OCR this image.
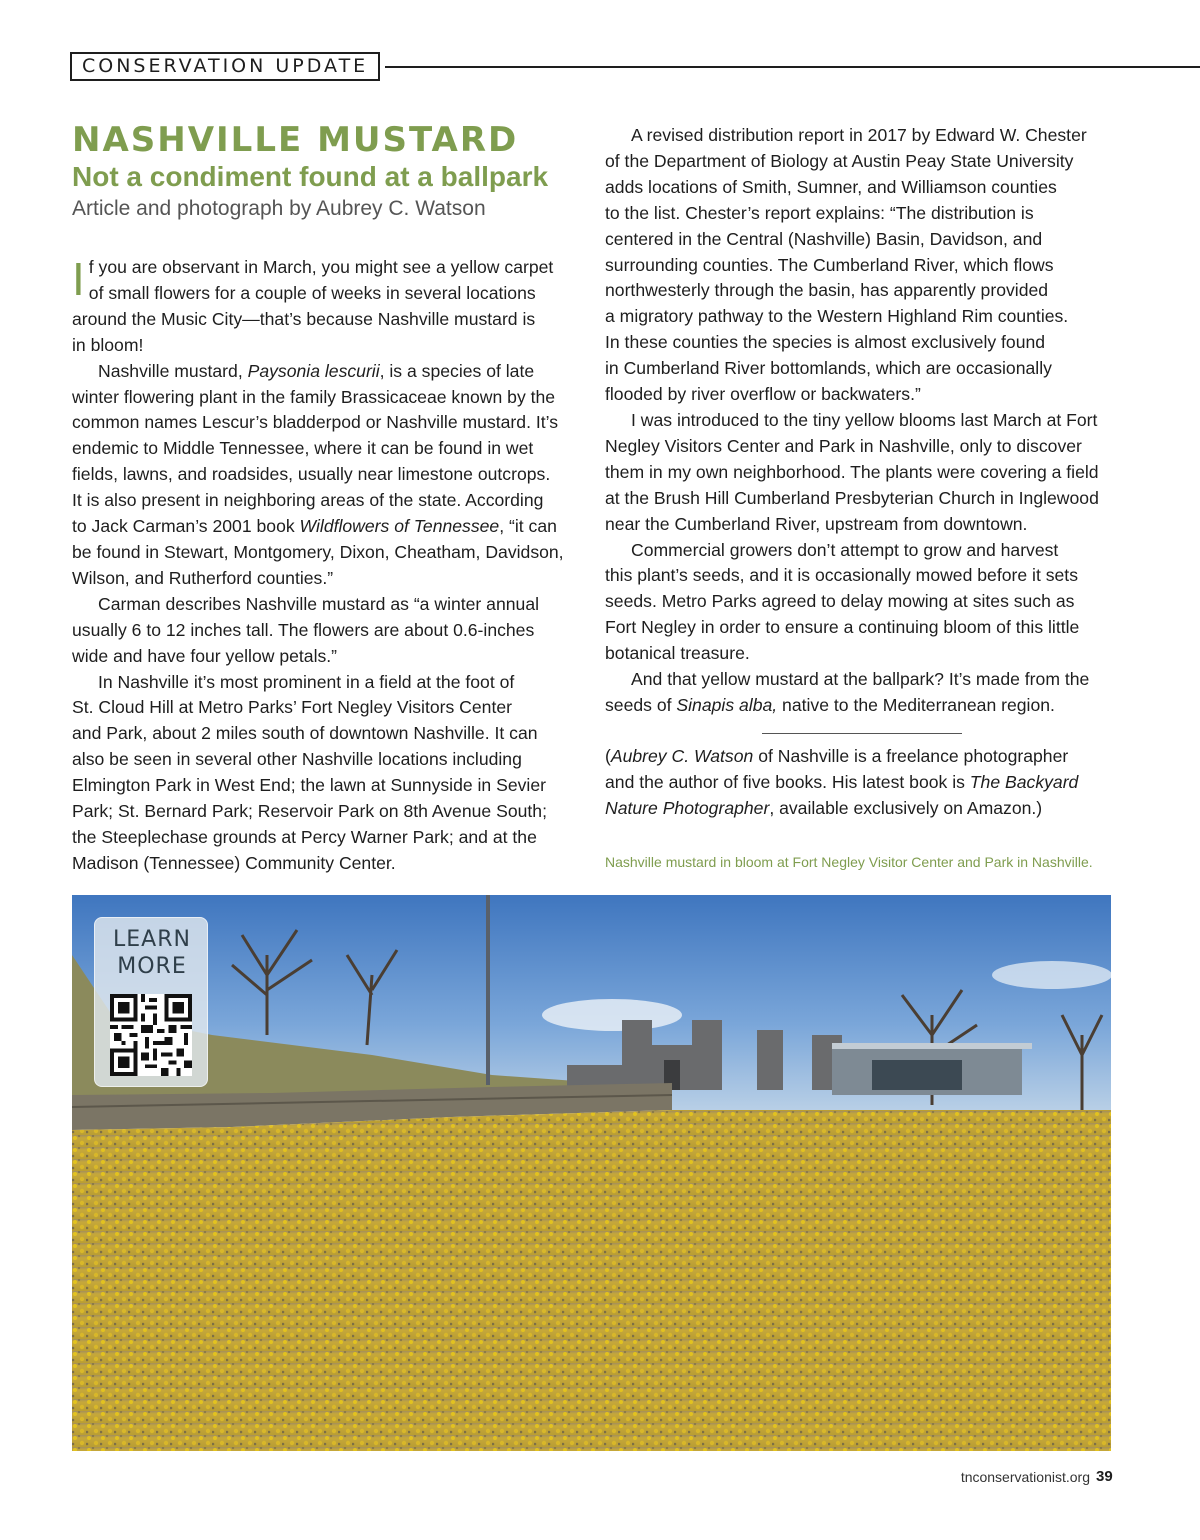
CONSERVATION UPDATE
NASHVILLE MUSTARD
Not a condiment found at a ballpark
Article and photograph by Aubrey C. Watson
I f you are observant in March, you might see a yellow carpet

of small flowers for a couple of weeks in several locations

around the Music City—that’s because Nashville mustard is

in bloom!

Nashville mustard, Paysonia lescurii, is a species of late

winter flowering plant in the family Brassicaceae known by the

common names Lescur’s bladderpod or Nashville mustard. It’s

endemic to Middle Tennessee, where it can be found in wet

fields, lawns, and roadsides, usually near limestone outcrops.

It is also present in neighboring areas of the state. According

to Jack Carman’s 2001 book Wildflowers of Tennessee, “it can

be found in Stewart, Montgomery, Dixon, Cheatham, Davidson,

Wilson, and Rutherford counties.”

Carman describes Nashville mustard as “a winter annual

usually 6 to 12 inches tall. The flowers are about 0.6-inches

wide and have four yellow petals.”

In Nashville it’s most prominent in a field at the foot of

St. Cloud Hill at Metro Parks’ Fort Negley Visitors Center

and Park, about 2 miles south of downtown Nashville. It can

also be seen in several other Nashville locations including

Elmington Park in West End; the lawn at Sunnyside in Sevier

Park; St. Bernard Park; Reservoir Park on 8th Avenue South;

the Steeplechase grounds at Percy Warner Park; and at the

Madison (Tennessee) Community Center.

A revised distribution report in 2017 by Edward W. Chester

of the Department of Biology at Austin Peay State University

adds locations of Smith, Sumner, and Williamson counties

to the list. Chester’s report explains: “The distribution is

centered in the Central (Nashville) Basin, Davidson, and

surrounding counties. The Cumberland River, which flows

northwesterly through the basin, has apparently provided

a migratory pathway to the Western Highland Rim counties.

In these counties the species is almost exclusively found

in Cumberland River bottomlands, which are occasionally

flooded by river overflow or backwaters.”

I was introduced to the tiny yellow blooms last March at Fort

Negley Visitors Center and Park in Nashville, only to discover

them in my own neighborhood. The plants were covering a field

at the Brush Hill Cumberland Presbyterian Church in Inglewood

near the Cumberland River, upstream from downtown.

Commercial growers don’t attempt to grow and harvest

this plant’s seeds, and it is occasionally mowed before it sets

seeds. Metro Parks agreed to delay mowing at sites such as

Fort Negley in order to ensure a continuing bloom of this little

botanical treasure.

And that yellow mustard at the ballpark? It’s made from the

seeds of Sinapis alba, native to the Mediterranean region.

(Aubrey C. Watson of Nashville is a freelance photographer

and the author of five books. His latest book is The Backyard

Nature Photographer, available exclusively on Amazon.)

Nashville mustard in bloom at Fort Negley Visitor Center and Park in Nashville.
LEARN
MORE
tnconservationist.org 39
